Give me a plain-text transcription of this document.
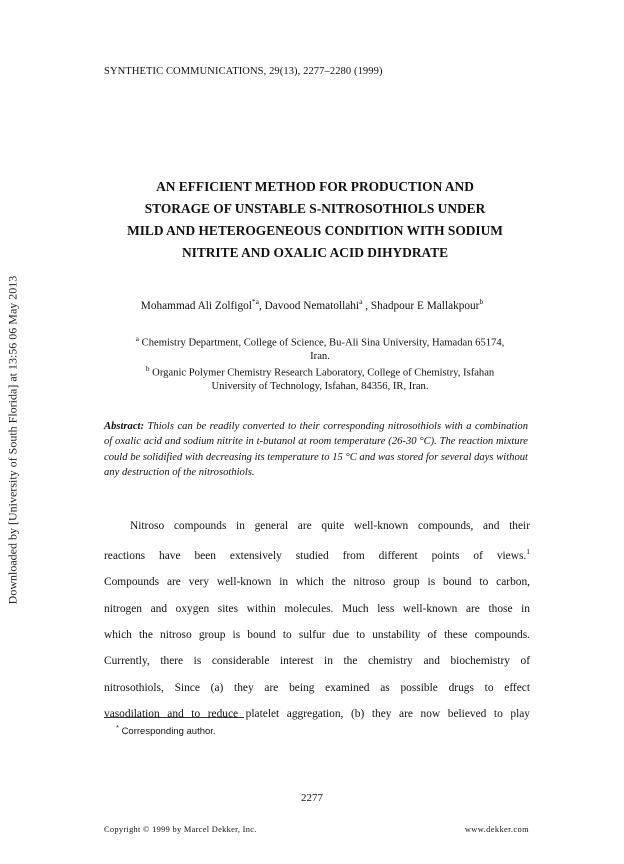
Downloaded by [University of South Florida] at 13:56 06 May 2013
SYNTHETIC COMMUNICATIONS, 29(13), 2277–2280 (1999)
AN EFFICIENT METHOD FOR PRODUCTION AND
STORAGE OF UNSTABLE S-NITROSOTHIOLS UNDER
MILD AND HETEROGENEOUS CONDITION WITH SODIUM
NITRITE AND OXALIC ACID DIHYDRATE
Mohammad Ali Zolfigol$^{*a}$, Davood Nematollahi$^a$ , Shadpour E Mallakpour$^b$
$^a$ Chemistry Department, College of Science, Bu-Ali Sina University, Hamadan 65174,
Iran.
$^b$ Organic Polymer Chemistry Research Laboratory, College of Chemistry, Isfahan
University of Technology, Isfahan, 84356, IR, Iran.
Abstract: Thiols can be readily converted to their corresponding nitrosothiols with a combination of oxalic acid and sodium nitrite in t-butanol at room temperature (26-30 °C). The reaction mixture could be solidified with decreasing its temperature to 15 °C and was stored for several days without any destruction of the nitrosothiols.
Nitroso compounds in general are quite well-known compounds, and their
reactions have been extensively studied from different points of views.$^1$
Compounds are very well-known in which the nitroso group is bound to carbon,
nitrogen and oxygen sites within molecules. Much less well-known are those in
which the nitroso group is bound to sulfur due to unstability of these compounds.
Currently, there is considerable interest in the chemistry and biochemistry of
nitrosothiols, Since (a) they are being examined as possible drugs to effect
vasodilation and to reduce platelet aggregation, (b) they are now believed to play
* Corresponding author.
2277
Copyright © 1999 by Marcel Dekker, Inc.	www.dekker.com
